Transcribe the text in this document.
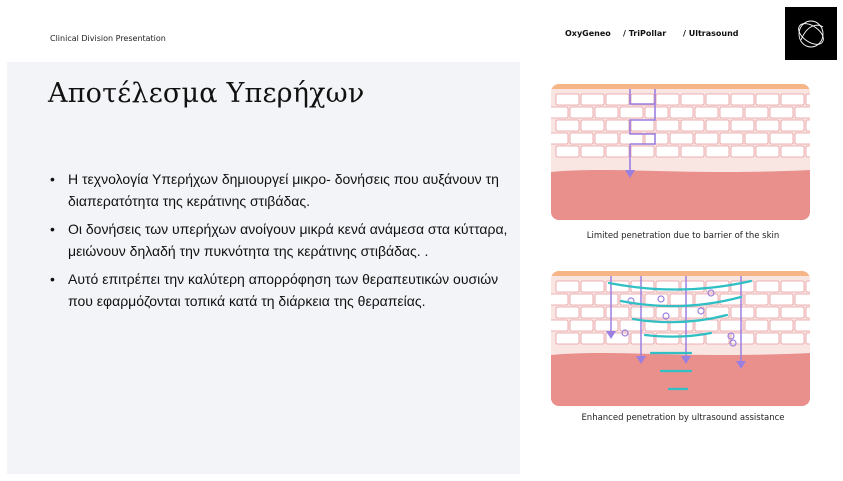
Clinical Division Presentation
OxyGeneo	/ TriPollar	/ Ultrasound
Αποτέλεσμα Υπερήχων
• Η τεχνολογία Υπερήχων δημιουργεί μικρο- δονήσεις που αυξάνουν τη διαπερατότητα της κεράτινης στιβάδας.
• Οι δονήσεις των υπερήχων ανοίγουν μικρά κενά ανάμεσα στα κύτταρα, μειώνουν δηλαδή την πυκνότητα της κεράτινης στιβάδας. .
• Αυτό επιτρέπει την καλύτερη απορρόφηση των θεραπευτικών ουσιών που εφαρμόζονται τοπικά κατά τη διάρκεια της θεραπείας.
Limited penetration due to barrier of the skin
Enhanced penetration by ultrasound assistance
